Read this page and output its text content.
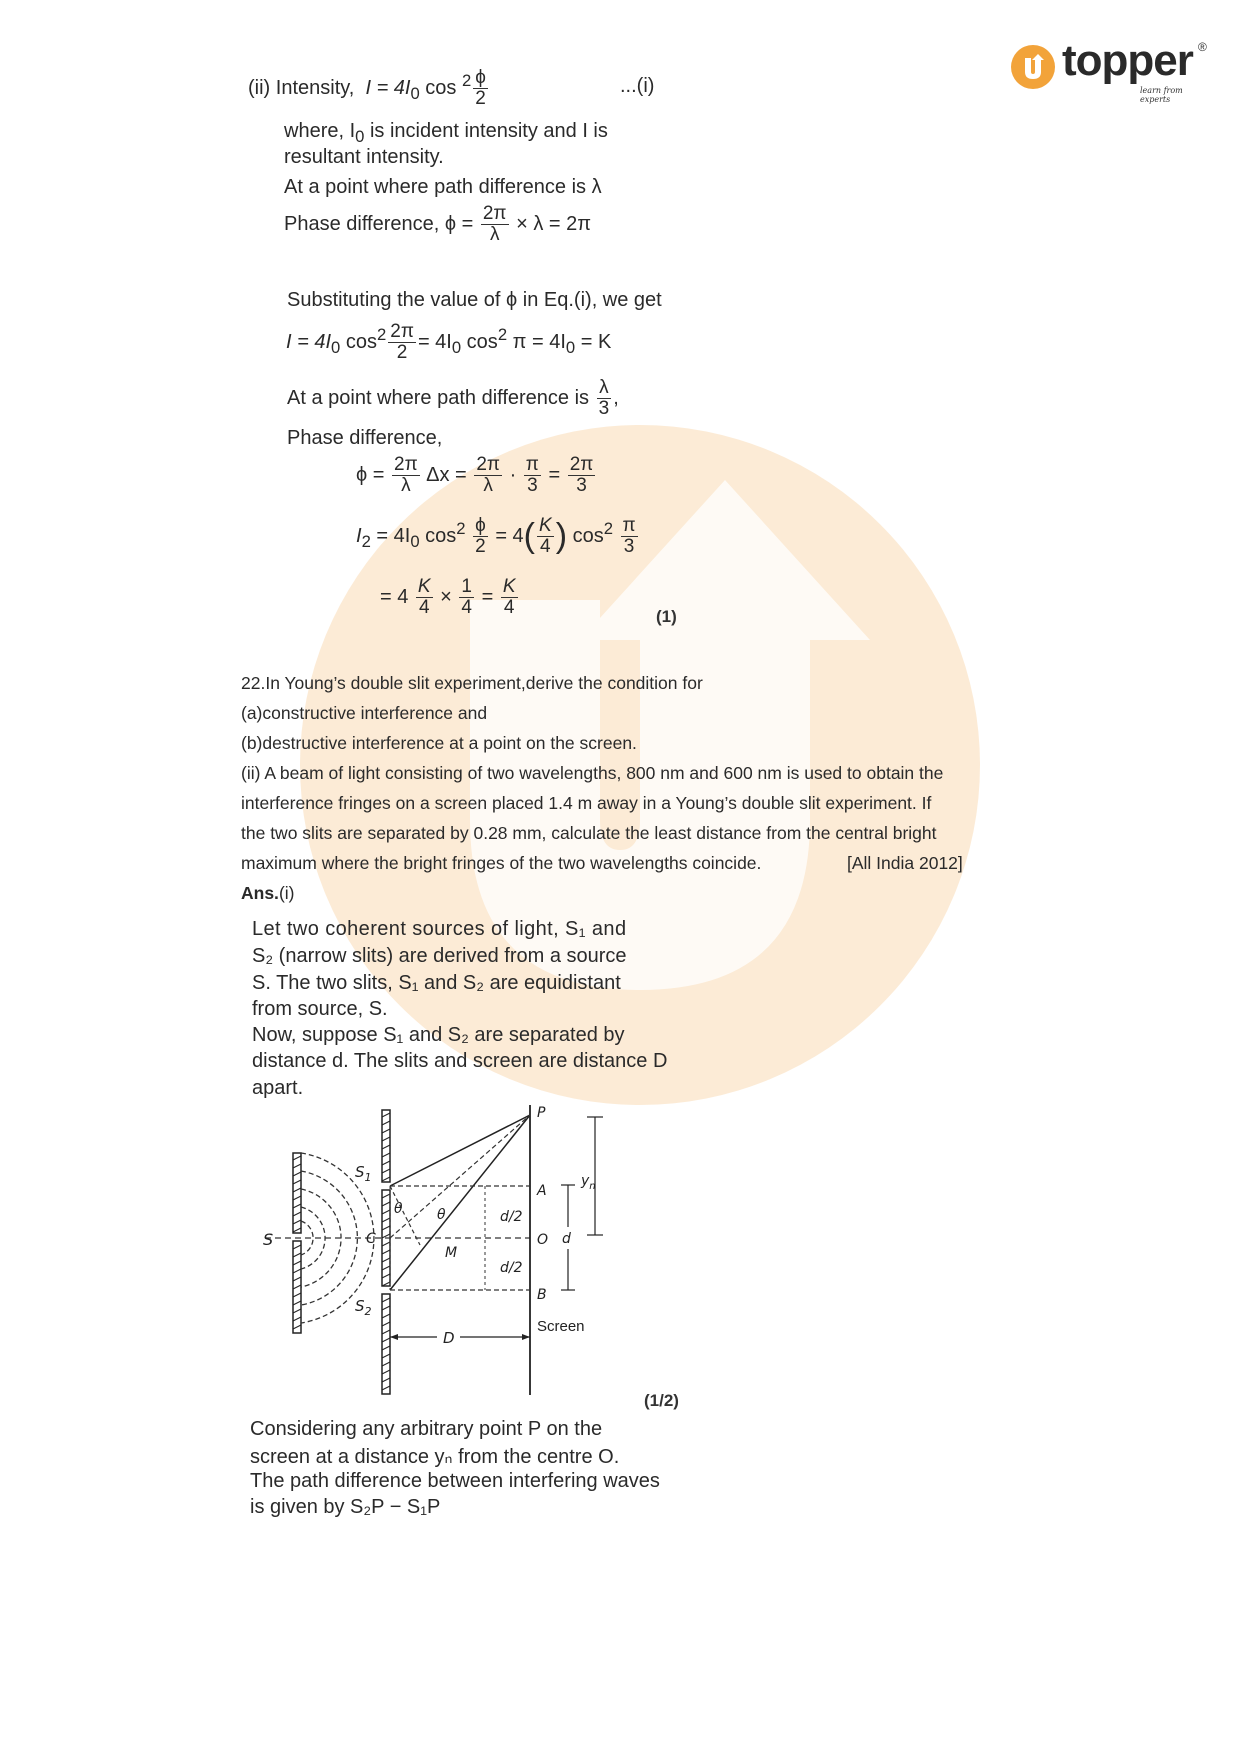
topper ®
learn from experts
(ii) Intensity, $I = 4I_0$ $\cos ^2 \frac{\phi}{2}$	...(i)
where, $I_0$ is incident intensity and I is
resultant intensity.
At a point where path difference is λ
Phase difference, $\phi = \frac{2\pi}{\lambda} \times \lambda = 2\pi$
Substituting the value of ϕ in Eq.(i), we get
$I = 4I_0$ $\cos^2 \frac{2\pi}{2} = 4I_0$ $\cos^2 \pi = 4I_0 = K$
At a point where path difference is $\frac{\lambda}{3}$ ,
Phase difference,
$\phi = \frac{2\pi}{\lambda}$ $\Delta x = \frac{2\pi}{\lambda} \cdot \frac{\pi}{3} = \frac{2\pi}{3}$
$I_2 = 4I_0$ $\cos^2 \frac{\phi}{2} = 4( \frac{K}{4}$ ) $\cos^2 \frac{\pi}{3}$
= $4 \frac{K}{4} \times \frac{1}{4} = \frac{K}{4}$	(1)
22.In Young’s double slit experiment,derive the condition for
(a)constructive interference and
(b)destructive interference at a point on the screen.
(ii) A beam of light consisting of two wavelengths, 800 nm and 600 nm is used to obtain the
interference fringes on a screen placed 1.4 m away in a Young’s double slit experiment. If
the two slits are separated by 0.28 mm, calculate the least distance from the central bright
maximum where the bright fringes of the two wavelengths coincide.	[All India 2012]
Ans.(i)
Let two coherent sources of light, S₁ and
S₂ (narrow slits) are derived from a source
S. The two slits, S₁ and S₂ are equidistant
from source, S.
Now, suppose S₁ and S₂ are separated by
distance d. The slits and screen are distance D
apart.
S
$S_1$
$S_2$
C
θ θ
M
d/2
d/2
D
P
A
O
B
d
$y_n$
Screen
(1/2)
Considering any arbitrary point P on the
screen at a distance yₙ from the centre O.
The path difference between interfering waves
is given by S₂P − S₁P
